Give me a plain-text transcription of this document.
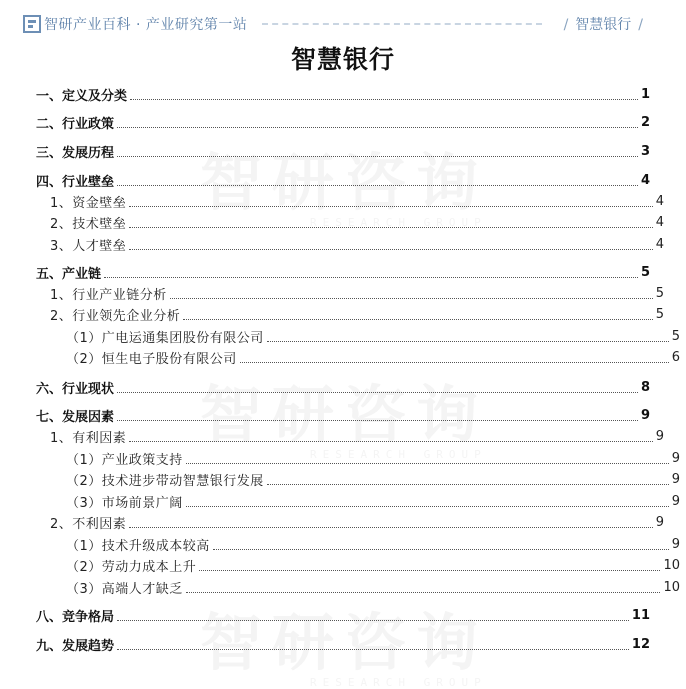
智研产业百科 · 产业研究第一站	/ 智慧银行 /
智慧银行
智研咨询
RESEARCH GROUP
智研咨询
RESEARCH GROUP
智研咨询
RESEARCH GROUP
一、定义及分类	1
二、行业政策	2
三、发展历程	3
四、行业壁垒	4
1、资金壁垒	4
2、技术壁垒	4
3、人才壁垒	4
五、产业链	5
1、行业产业链分析	5
2、行业领先企业分析	5
（1）广电运通集团股份有限公司	5
（2）恒生电子股份有限公司	6
六、行业现状	8
七、发展因素	9
1、有利因素	9
（1）产业政策支持	9
（2）技术进步带动智慧银行发展	9
（3）市场前景广阔	9
2、不利因素	9
（1）技术升级成本较高	9
（2）劳动力成本上升	10
（3）高端人才缺乏	10
八、竞争格局	11
九、发展趋势	12
